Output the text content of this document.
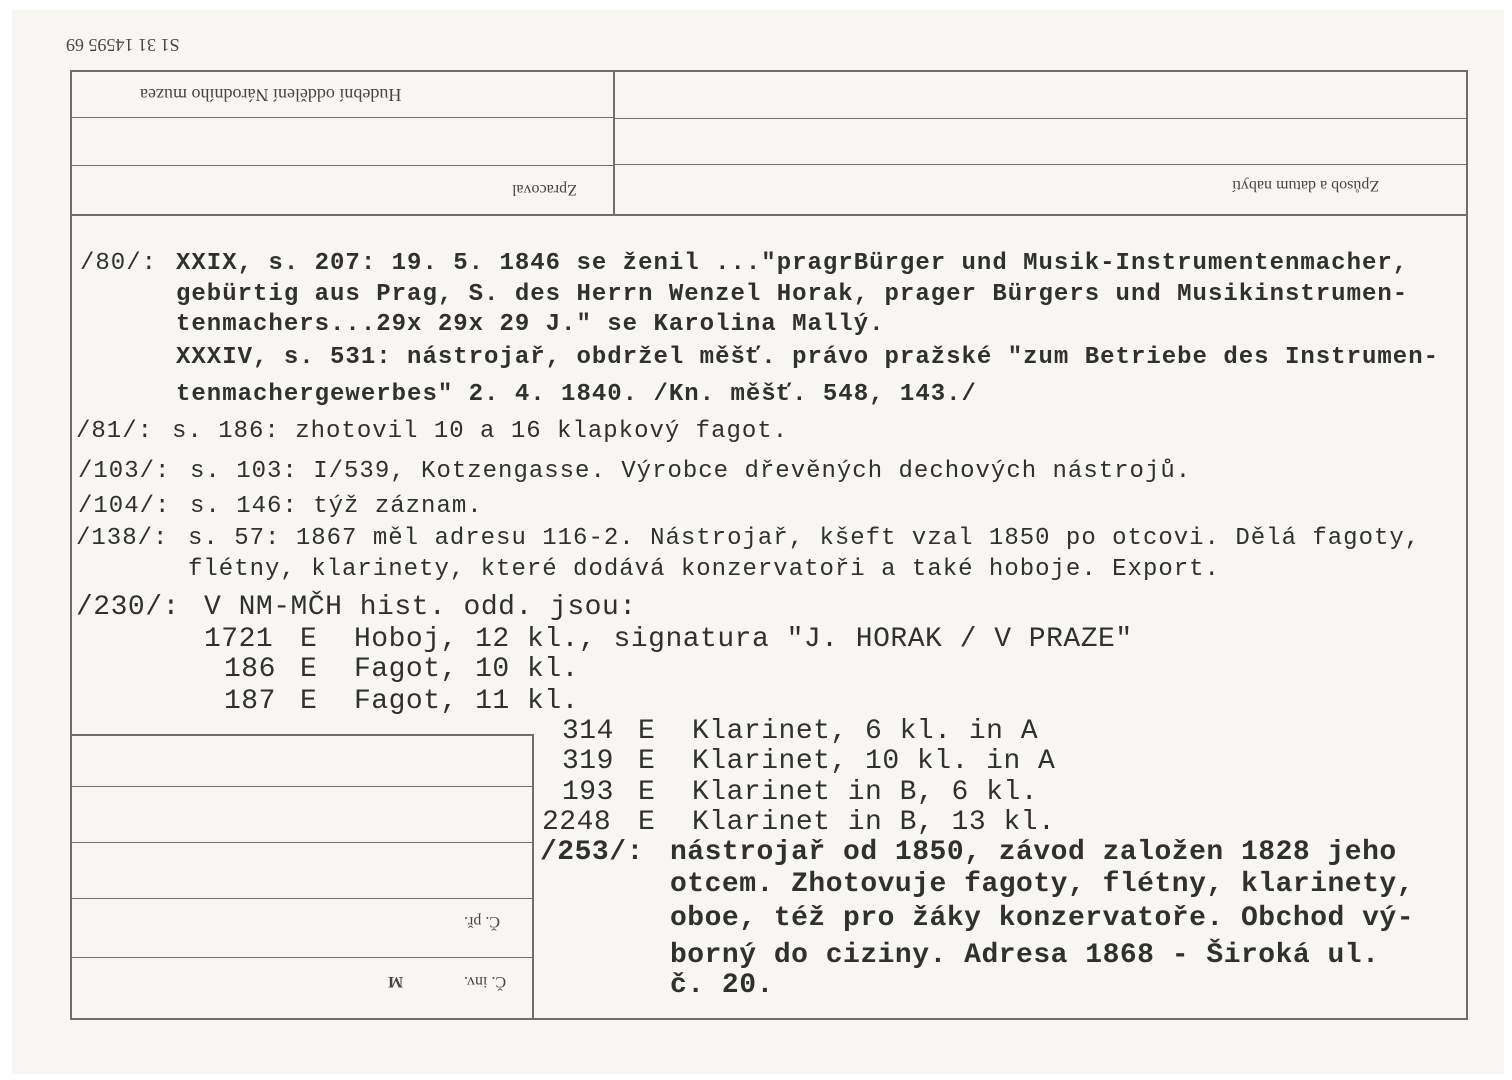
S1 31 14595 69
Hudební oddělení Národního muzea
Zpracoval	Způsob a datum nabytí
Č. př.
Č. inv.
M
/80/: XXIX, s. 207: 19. 5. 1846 se ženil ..."pragrBürger und Musik-Instrumentenmacher,
gebürtig aus Prag, S. des Herrn Wenzel Horak, prager Bürgers und Musikinstrumen-
tenmachers...29x 29x 29 J." se Karolina Mallý.
XXXIV, s. 531: nástrojař, obdržel měšť. právo pražské "zum Betriebe des Instrumen-
tenmachergewerbes" 2. 4. 1840. /Kn. měšť. 548, 143./
/81/: s. 186: zhotovil 10 a 16 klapkový fagot.
/103/: s. 103: I/539, Kotzengasse. Výrobce dřevěných dechových nástrojů.
/104/: s. 146: týž záznam.
/138/: s. 57: 1867 měl adresu 116-2. Nástrojař, kšeft vzal 1850 po otcovi. Dělá fagoty,
flétny, klarinety, které dodává konzervatoři a také hoboje. Export.
/230/: V NM-MČH hist. odd. jsou:
1721 E Hoboj, 12 kl., signatura "J. HORAK / V PRAZE"
186 E Fagot, 10 kl.
187 E Fagot, 11 kl.
314 E Klarinet, 6 kl. in A
319 E Klarinet, 10 kl. in A
193 E Klarinet in B, 6 kl.
2248 E Klarinet in B, 13 kl.
/253/: nástrojař od 1850, závod založen 1828 jeho
otcem. Zhotovuje fagoty, flétny, klarinety,
oboe, též pro žáky konzervatoře. Obchod vý-
borný do ciziny. Adresa 1868 - Široká ul.
č. 20.
